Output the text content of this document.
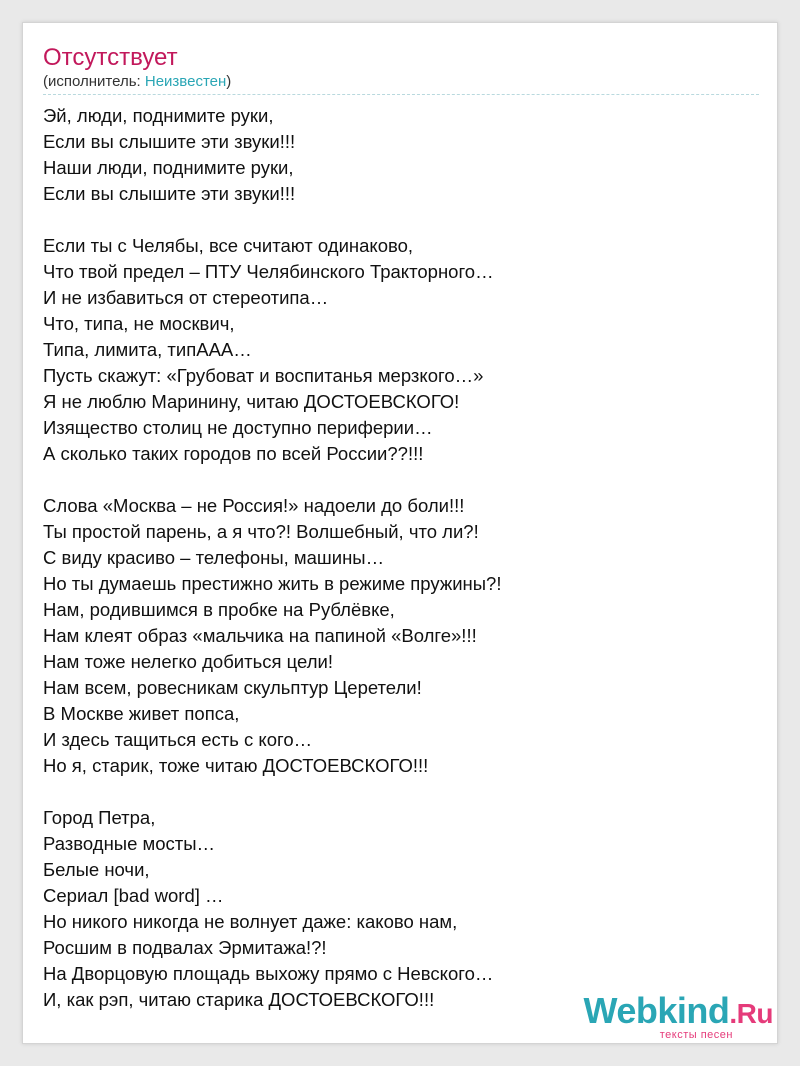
Отсутствует
(исполнитель: Неизвестен)
Эй, люди, поднимите руки,
Если вы слышите эти звуки!!!
Наши люди, поднимите руки,
Если вы слышите эти звуки!!!
Если ты с Челябы, все считают одинаково,
Что твой предел – ПТУ Челябинского Тракторного…
И не избавиться от стереотипа…
Что, типа, не москвич,
Типа, лимита, типААА…
Пусть скажут: «Грубоват и воспитанья мерзкого…»
Я не люблю Маринину, читаю ДОСТОЕВСКОГО!
Изящество столиц не доступно периферии…
А сколько таких городов по всей России??!!!
Слова «Москва – не Россия!» надоели до боли!!!
Ты простой парень, а я что?! Волшебный, что ли?!
С виду красиво – телефоны, машины…
Но ты думаешь престижно жить в режиме пружины?!
Нам, родившимся в пробке на Рублёвке,
Нам клеят образ «мальчика на папиной «Волге»!!!
Нам тоже нелегко добиться цели!
Нам всем, ровесникам скульптур Церетели!
В Москве живет попса,
И здесь тащиться есть с кого…
Но я, старик, тоже читаю ДОСТОЕВСКОГО!!!
Город Петра,
Разводные мосты…
Белые ночи,
Сериал [bad word] …
Но никого никогда не волнует даже: каково нам,
Росшим в подвалах Эрмитажа!?!
На Дворцовую площадь выхожу прямо с Невского…
И, как рэп, читаю старика ДОСТОЕВСКОГО!!!	Webkind.Ru
тексты песен
